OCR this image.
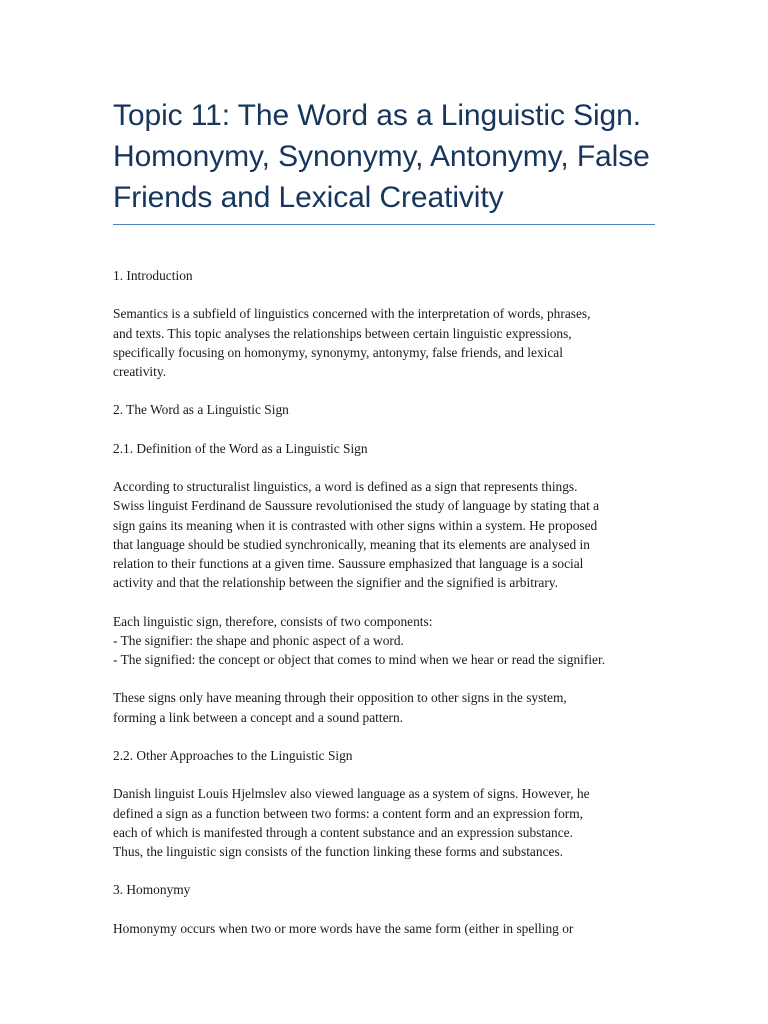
Topic 11: The Word as a Linguistic Sign.
Homonymy, Synonymy, Antonymy, False
Friends and Lexical Creativity

1. Introduction

Semantics is a subfield of linguistics concerned with the interpretation of words, phrases,
and texts. This topic analyses the relationships between certain linguistic expressions,
specifically focusing on homonymy, synonymy, antonymy, false friends, and lexical
creativity.

2. The Word as a Linguistic Sign

2.1. Definition of the Word as a Linguistic Sign

According to structuralist linguistics, a word is defined as a sign that represents things.
Swiss linguist Ferdinand de Saussure revolutionised the study of language by stating that a
sign gains its meaning when it is contrasted with other signs within a system. He proposed
that language should be studied synchronically, meaning that its elements are analysed in
relation to their functions at a given time. Saussure emphasized that language is a social
activity and that the relationship between the signifier and the signified is arbitrary.

Each linguistic sign, therefore, consists of two components:
- The signifier: the shape and phonic aspect of a word.
- The signified: the concept or object that comes to mind when we hear or read the signifier.

These signs only have meaning through their opposition to other signs in the system,
forming a link between a concept and a sound pattern.

2.2. Other Approaches to the Linguistic Sign

Danish linguist Louis Hjelmslev also viewed language as a system of signs. However, he
defined a sign as a function between two forms: a content form and an expression form,
each of which is manifested through a content substance and an expression substance.
Thus, the linguistic sign consists of the function linking these forms and substances.

3. Homonymy

Homonymy occurs when two or more words have the same form (either in spelling or
